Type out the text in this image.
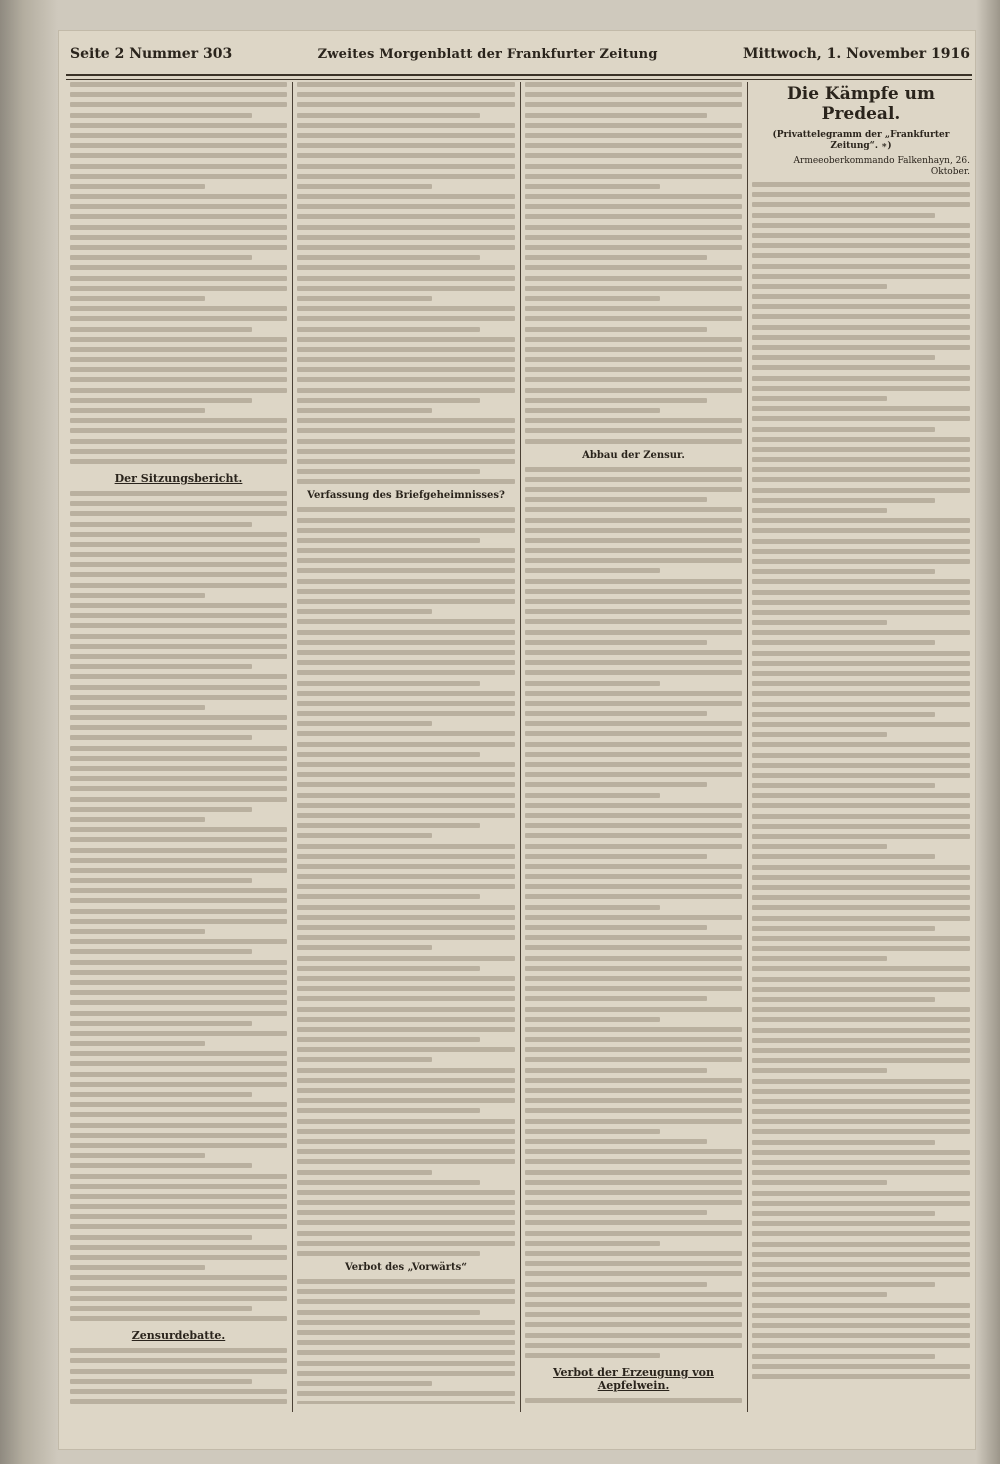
Seite 2 Nummer 303	Zweites Morgenblatt der Frankfurter Zeitung	Mittwoch, 1. November 1916
Der Sitzungsbericht.
Zensurdebatte.
Verfassung des Briefgeheimnisses?
Verbot des „Vorwärts“
Abbau der Zensur.
Verbot der Erzeugung von Aepfelwein.
Die Kämpfe um Predeal.
(Privattelegramm der „Frankfurter Zeitung“. ∗)
Armeeoberkommando Falkenhayn, 26. Oktober.
